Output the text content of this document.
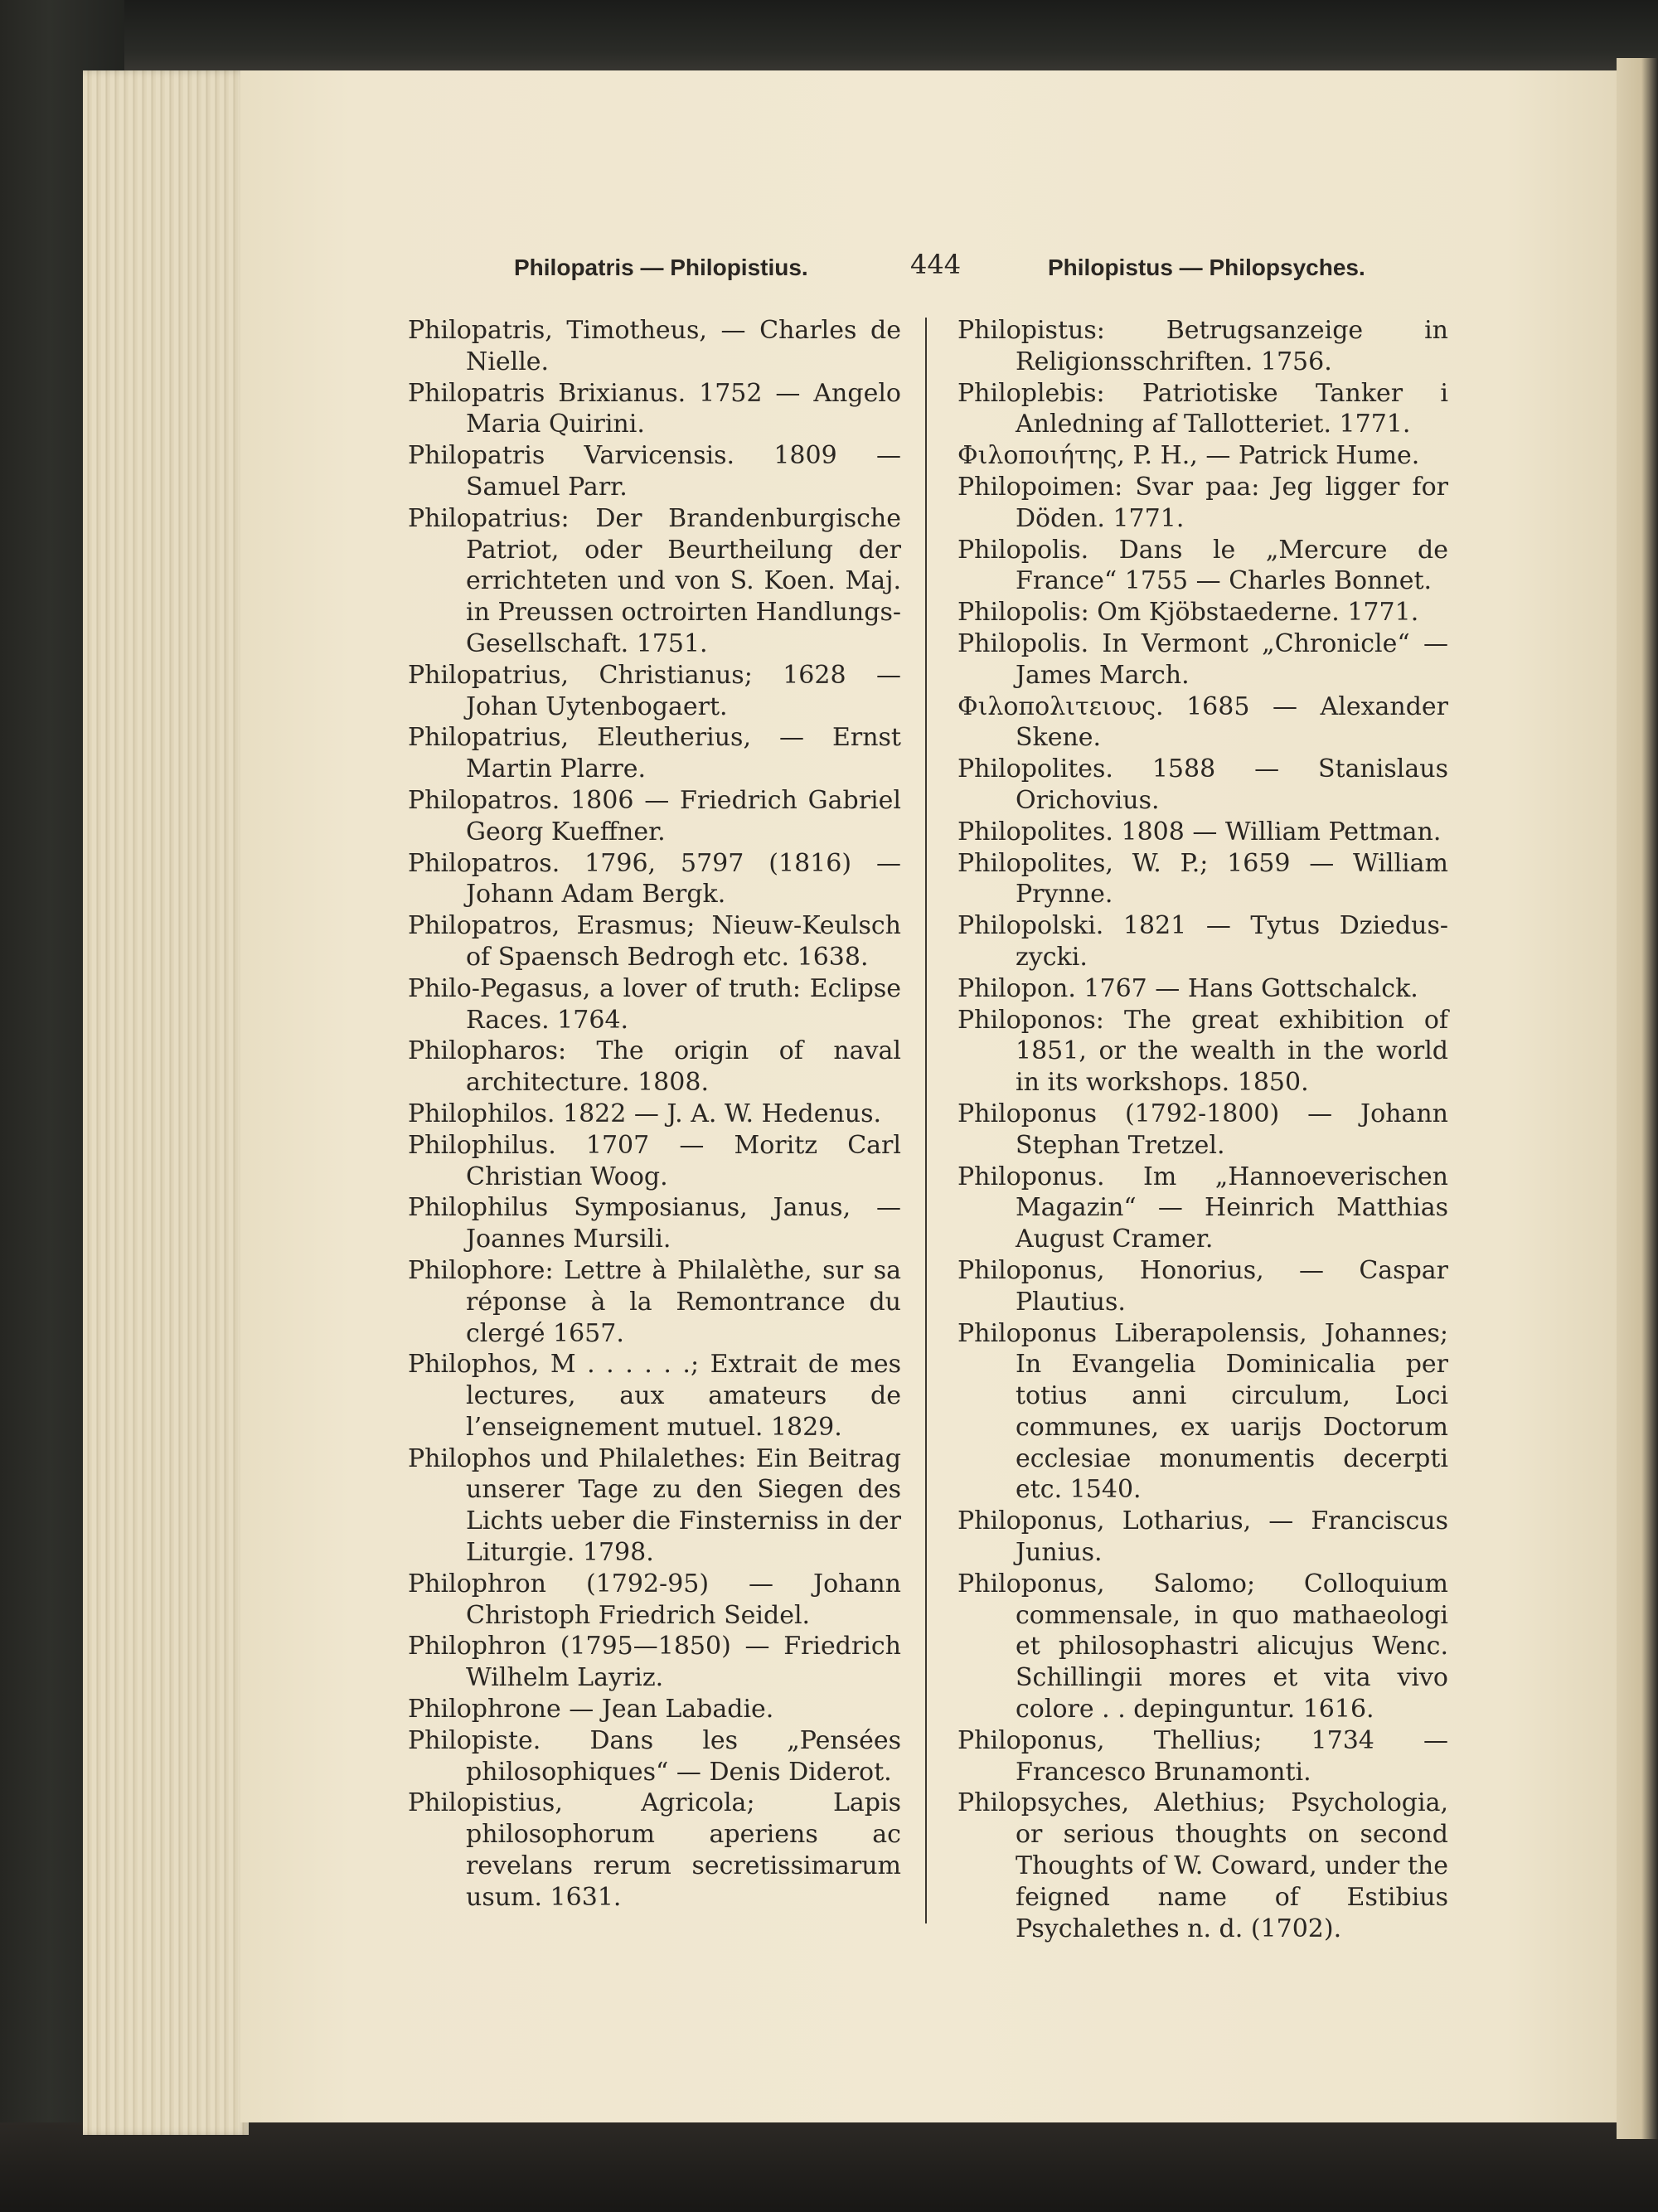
Philopatris — Philopistius.	444	Philopistus — Philopsyches.

Philopatris, Timotheus, — Charles de Nielle.

Philopatris Brixianus. 1752 — Angelo Maria Quirini.

Philopatris Varvicensis. 1809 — Samuel Parr.

Philopatrius: Der Brandenburgische Patriot, oder Beurtheilung der errichteten und von S. Koen. Maj. in Preussen octroirten Handlungs-Gesellschaft. 1751.

Philopatrius, Christianus; 1628 — Johan Uytenbogaert.

Philopatrius, Eleutherius, — Ernst Martin Plarre.

Philopatros. 1806 — Friedrich Gabriel Georg Kueffner.

Philopatros. 1796, 5797 (1816) — Johann Adam Bergk.

Philopatros, Erasmus; Nieuw-Keulsch of Spaensch Bedrogh etc. 1638.

Philo-Pegasus, a lover of truth: Eclipse Races. 1764.

Philopharos: The origin of naval architecture. 1808.

Philophilos. 1822 — J. A. W. Hedenus.

Philophilus. 1707 — Moritz Carl Christian Woog.

Philophilus Symposianus, Janus, — Joannes Mursili.

Philophore: Lettre à Philalèthe, sur sa réponse à la Remontrance du clergé 1657.

Philophos, M . . . . . .; Extrait de mes lectures, aux amateurs de l’enseignement mutuel. 1829.

Philophos und Philalethes: Ein Beitrag unserer Tage zu den Siegen des Lichts ueber die Finsterniss in der Liturgie. 1798.

Philophron (1792-95) — Johann Christoph Friedrich Seidel.

Philophron (1795—1850) — Friedrich Wilhelm Layriz.

Philophrone — Jean Labadie.

Philopiste. Dans les „Pensées philosophiques“ — Denis Diderot.

Philopistius, Agricola; Lapis philosophorum aperiens ac revelans rerum secretissimarum usum. 1631.

Philopistus: Betrugsanzeige in Religionsschriften. 1756.

Philoplebis: Patriotiske Tanker i Anledning af Tallotteriet. 1771.

Φιλοποιήτης, P. H., — Patrick Hume.

Philopoimen: Svar paa: Jeg ligger for Döden. 1771.

Philopolis. Dans le „Mercure de France“ 1755 — Charles Bonnet.

Philopolis: Om Kjöbstaederne. 1771.

Philopolis. In Vermont „Chronicle“ — James March.

Φιλοπολιτειους. 1685 — Alexander Skene.

Philopolites. 1588 — Stanislaus Orichovius.

Philopolites. 1808 — William Pettman.

Philopolites, W. P.; 1659 — William Prynne.

Philopolski. 1821 — Tytus Dziedus-zycki.

Philopon. 1767 — Hans Gottschalck.

Philoponos: The great exhibition of 1851, or the wealth in the world in its workshops. 1850.

Philoponus (1792-1800) — Johann Stephan Tretzel.

Philoponus. Im „Hannoeverischen Magazin“ — Heinrich Matthias August Cramer.

Philoponus, Honorius, — Caspar Plautius.

Philoponus Liberapolensis, Johannes; In Evangelia Dominicalia per totius anni circulum, Loci communes, ex uarijs Doctorum ecclesiae monumentis decerpti etc. 1540.

Philoponus, Lotharius, — Franciscus Junius.

Philoponus, Salomo; Colloquium commensale, in quo mathaeologi et philosophastri alicujus Wenc. Schillingii mores et vita vivo colore . . depinguntur. 1616.

Philoponus, Thellius; 1734 — Francesco Brunamonti.

Philopsyches, Alethius; Psychologia, or serious thoughts on second Thoughts of W. Coward, under the feigned name of Estibius Psychalethes n. d. (1702).
